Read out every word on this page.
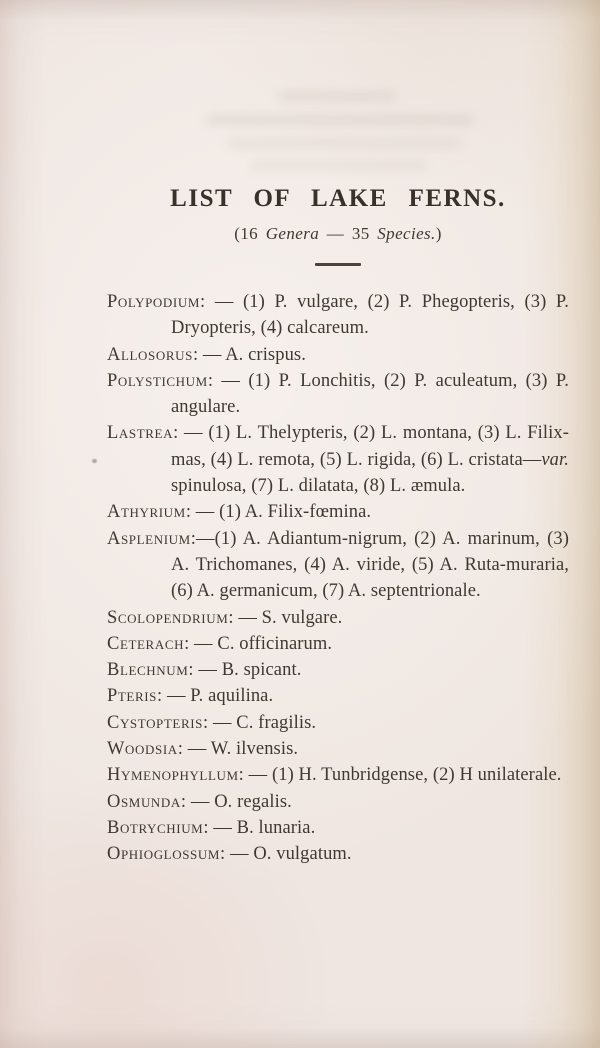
LIST OF LAKE FERNS.
(16 Genera — 35 Species.)
Polypodium: — (1) P. vulgare, (2) P. Phegopteris, (3) P. Dryopteris, (4) calcareum.
Allosorus: — A. crispus.
Polystichum: — (1) P. Lonchitis, (2) P. aculeatum, (3) P. angulare.
Lastrea: — (1) L. Thelypteris, (2) L. montana, (3) L. Filix-mas, (4) L. remota, (5) L. rigida, (6) L. cristata—var. spinulosa, (7) L. dilatata, (8) L. æmula.
Athyrium: — (1) A. Filix-fœmina.
Asplenium:—(1) A. Adiantum-nigrum, (2) A. marinum, (3) A. Trichomanes, (4) A. viride, (5) A. Ruta-muraria, (6) A. germanicum, (7) A. septentrionale.
Scolopendrium: — S. vulgare.
Ceterach: — C. officinarum.
Blechnum: — B. spicant.
Pteris: — P. aquilina.
Cystopteris: — C. fragilis.
Woodsia: — W. ilvensis.
Hymenophyllum: — (1) H. Tunbridgense, (2) H unilaterale.
Osmunda: — O. regalis.
Botrychium: — B. lunaria.
Ophioglossum: — O. vulgatum.
